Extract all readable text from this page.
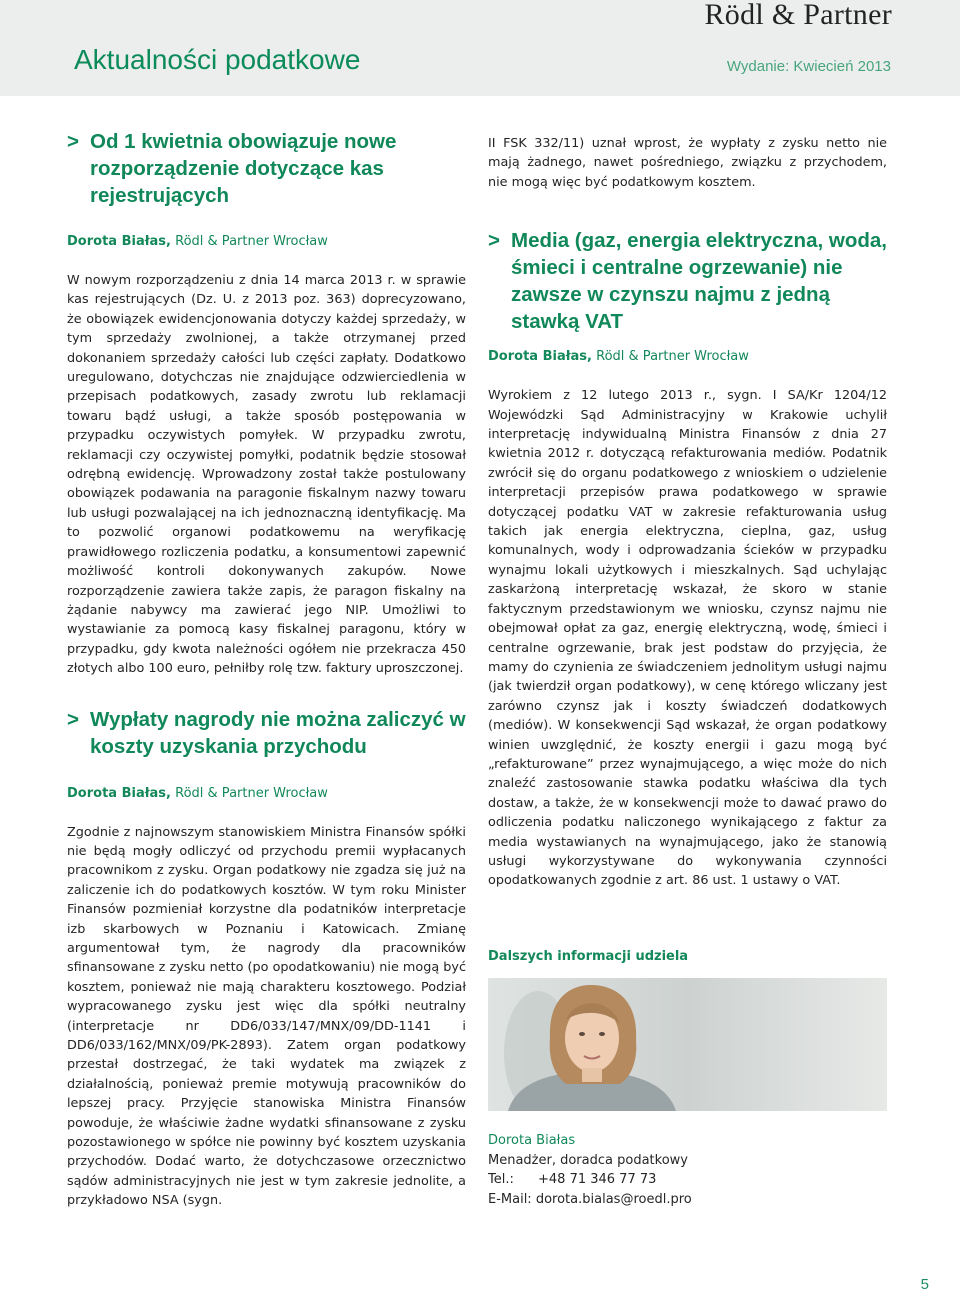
Rödl & Partner
Aktualności podatkowe	Wydanie: Kwiecień 2013
> Od 1 kwietnia obowiązuje nowe rozporządzenie dotyczące kas rejestrujących

Dorota Białas, Rödl & Partner Wrocław

W nowym rozporządzeniu z dnia 14 marca 2013 r. w sprawie kas rejestrujących (Dz. U. z 2013 poz. 363) doprecyzowano, że obowiązek ewidencjonowania dotyczy każdej sprzedaży, w tym sprzedaży zwolnionej, a także otrzymanej przed dokonaniem sprzedaży całości lub części zapłaty. Dodatkowo uregulowano, dotychczas nie znajdujące odzwierciedlenia w przepisach podatkowych, zasady zwrotu lub reklamacji towaru bądź usługi, a także sposób postępowania w przypadku oczywistych pomyłek. W przypadku zwrotu, reklamacji czy oczywistej pomyłki, podatnik będzie stosował odrębną ewidencję. Wprowadzony został także postulowany obowiązek podawania na paragonie fiskalnym nazwy towaru lub usługi pozwalającej na ich jednoznaczną identyfikację. Ma to pozwolić organowi podatkowemu na weryfikację prawidłowego rozliczenia podatku, a konsumentowi zapewnić możliwość kontroli dokonywanych zakupów. Nowe rozporządzenie zawiera także zapis, że paragon fiskalny na żądanie nabywcy ma zawierać jego NIP. Umożliwi to wystawianie za pomocą kasy fiskalnej paragonu, który w przypadku, gdy kwota należności ogółem nie przekracza 450 złotych albo 100 euro, pełniłby rolę tzw. faktury uproszczonej.

> Wypłaty nagrody nie można zaliczyć w koszty uzyskania przychodu

Dorota Białas, Rödl & Partner Wrocław

Zgodnie z najnowszym stanowiskiem Ministra Finansów spółki nie będą mogły odliczyć od przychodu premii wypłacanych pracownikom z zysku. Organ podatkowy nie zgadza się już na zaliczenie ich do podatkowych kosztów. W tym roku Minister Finansów pozmieniał korzystne dla podatników interpretacje izb skarbowych w Poznaniu i Katowicach. Zmianę argumentował tym, że nagrody dla pracowników sfinansowane z zysku netto (po opodatkowaniu) nie mogą być kosztem, ponieważ nie mają charakteru kosztowego. Podział wypracowanego zysku jest więc dla spółki neutralny (interpretacje nr DD6/033/147/MNX/09/DD-1141 i DD6/033/162/MNX/09/PK-2893). Zatem organ podatkowy przestał dostrzegać, że taki wydatek ma związek z działalnością, ponieważ premie motywują pracowników do lepszej pracy. Przyjęcie stanowiska Ministra Finansów powoduje, że właściwie żadne wydatki sfinansowane z zysku pozostawionego w spółce nie powinny być kosztem uzyskania przychodów. Dodać warto, że dotychczasowe orzecznictwo sądów administracyjnych nie jest w tym zakresie jednolite, a przykładowo NSA (sygn.

II FSK 332/11) uznał wprost, że wypłaty z zysku netto nie mają żadnego, nawet pośredniego, związku z przychodem, nie mogą więc być podatkowym kosztem.

> Media (gaz, energia elektryczna, woda, śmieci i centralne ogrzewanie) nie zawsze w czynszu najmu z jedną stawką VAT

Dorota Białas, Rödl & Partner Wrocław

Wyrokiem z 12 lutego 2013 r., sygn. I SA/Kr 1204/12 Wojewódzki Sąd Administracyjny w Krakowie uchylił interpretację indywidualną Ministra Finansów z dnia 27 kwietnia 2012 r. dotyczącą refakturowania mediów. Podatnik zwrócił się do organu podatkowego z wnioskiem o udzielenie interpretacji przepisów prawa podatkowego w sprawie dotyczącej podatku VAT w zakresie refakturowania usług takich jak energia elektryczna, cieplna, gaz, usług komunalnych, wody i odprowadzania ścieków w przypadku wynajmu lokali użytkowych i mieszkalnych. Sąd uchylając zaskarżoną interpretację wskazał, że skoro w stanie faktycznym przedstawionym we wniosku, czynsz najmu nie obejmował opłat za gaz, energię elektryczną, wodę, śmieci i centralne ogrzewanie, brak jest podstaw do przyjęcia, że mamy do czynienia ze świadczeniem jednolitym usługi najmu (jak twierdził organ podatkowy), w cenę którego wliczany jest zarówno czynsz jak i koszty świadczeń dodatkowych (mediów). W konsekwencji Sąd wskazał, że organ podatkowy winien uwzględnić, że koszty energii i gazu mogą być „refakturowane” przez wynajmującego, a więc może do nich znaleźć zastosowanie stawka podatku właściwa dla tych dostaw, a także, że w konsekwencji może to dawać prawo do odliczenia podatku naliczonego wynikającego z faktur za media wystawianych na wynajmującego, jako że stanowią usługi wykorzystywane do wykonywania czynności opodatkowanych zgodnie z art. 86 ust. 1 ustawy o VAT.

Dalszych informacji udziela

Dorota Białas
Menadżer, doradca podatkowy
Tel.: +48 71 346 77 73
E-Mail: dorota.bialas@roedl.pro
5
